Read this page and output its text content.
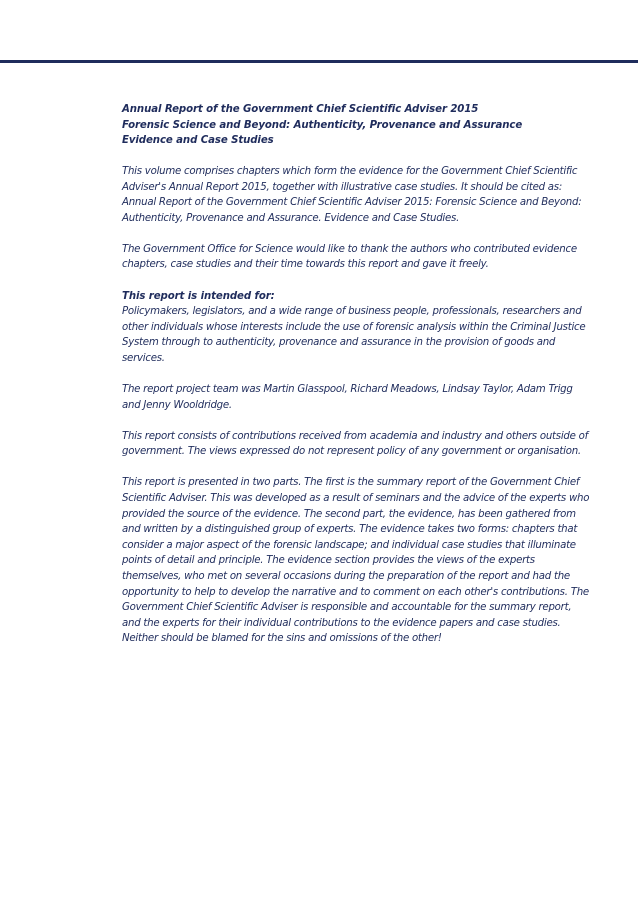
Annual Report of the Government Chief Scientific Adviser 2015
Forensic Science and Beyond: Authenticity, Provenance and Assurance
Evidence and Case Studies
This volume comprises chapters which form the evidence for the Government Chief Scientific Adviser's Annual Report 2015, together with illustrative case studies. It should be cited as:
Annual Report of the Government Chief Scientific Adviser 2015: Forensic Science and Beyond: Authenticity, Provenance and Assurance. Evidence and Case Studies.

The Government Office for Science would like to thank the authors who contributed evidence chapters, case studies and their time towards this report and gave it freely.

This report is intended for:
Policymakers, legislators, and a wide range of business people, professionals, researchers and other individuals whose interests include the use of forensic analysis within the Criminal Justice System through to authenticity, provenance and assurance in the provision of goods and services.

The report project team was Martin Glasspool, Richard Meadows, Lindsay Taylor, Adam Trigg and Jenny Wooldridge.

This report consists of contributions received from academia and industry and others outside of government. The views expressed do not represent policy of any government or organisation.

This report is presented in two parts. The first is the summary report of the Government Chief Scientific Adviser. This was developed as a result of seminars and the advice of the experts who provided the source of the evidence. The second part, the evidence, has been gathered from and written by a distinguished group of experts. The evidence takes two forms: chapters that consider a major aspect of the forensic landscape; and individual case studies that illuminate points of detail and principle. The evidence section provides the views of the experts themselves, who met on several occasions during the preparation of the report and had the opportunity to help to develop the narrative and to comment on each other's contributions. The Government Chief Scientific Adviser is responsible and accountable for the summary report, and the experts for their individual contributions to the evidence papers and case studies. Neither should be blamed for the sins and omissions of the other!
